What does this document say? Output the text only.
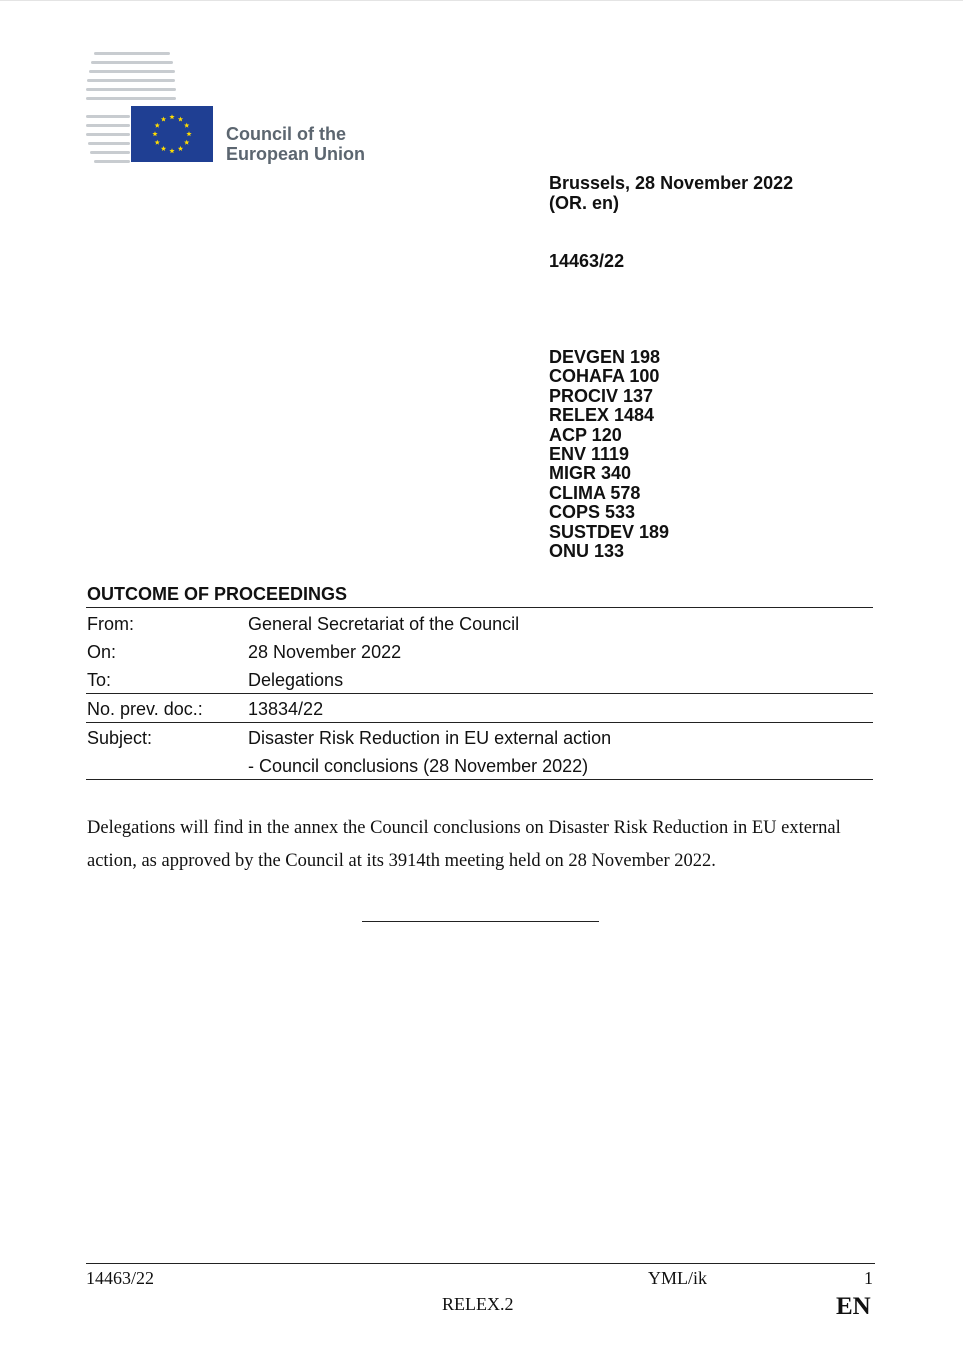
Council of the
European Union
Brussels, 28 November 2022
(OR. en)
14463/22
DEVGEN 198
COHAFA 100
PROCIV 137
RELEX 1484
ACP 120
ENV 1119
MIGR 340
CLIMA 578
COPS 533
SUSTDEV 189
ONU 133
OUTCOME OF PROCEEDINGS
From:	General Secretariat of the Council
On:	28 November 2022
To:	Delegations
No. prev. doc.:	13834/22
Subject:	Disaster Risk Reduction in EU external action
- Council conclusions (28 November 2022)
Delegations will find in the annex the Council conclusions on Disaster Risk Reduction in EU external
action, as approved by the Council at its 3914th meeting held on 28 November 2022.
14463/22	YML/ik	1
RELEX.2	EN
